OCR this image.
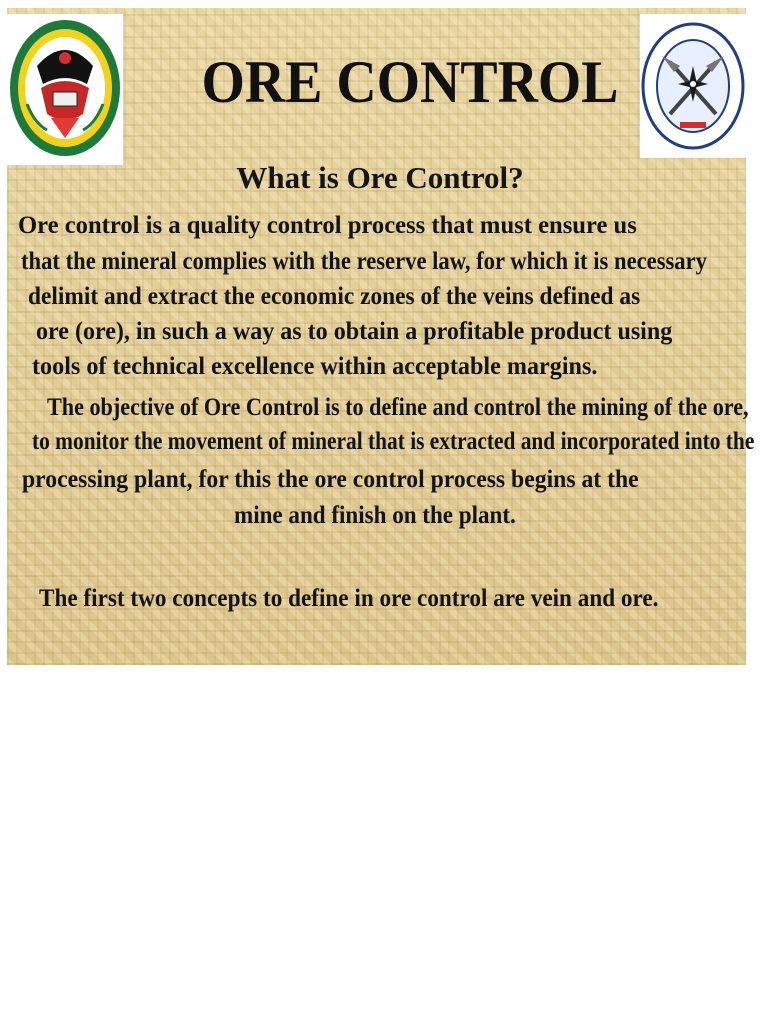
ORE CONTROL
What is Ore Control?
Ore control is a quality control process that must ensure us
that the mineral complies with the reserve law, for which it is necessary
delimit and extract the economic zones of the veins defined as
ore (ore), in such a way as to obtain a profitable product using
tools of technical excellence within acceptable margins.
The objective of Ore Control is to define and control the mining of the ore,
to monitor the movement of mineral that is extracted and incorporated into the
processing plant, for this the ore control process begins at the
mine and finish on the plant.
The first two concepts to define in ore control are vein and ore.
